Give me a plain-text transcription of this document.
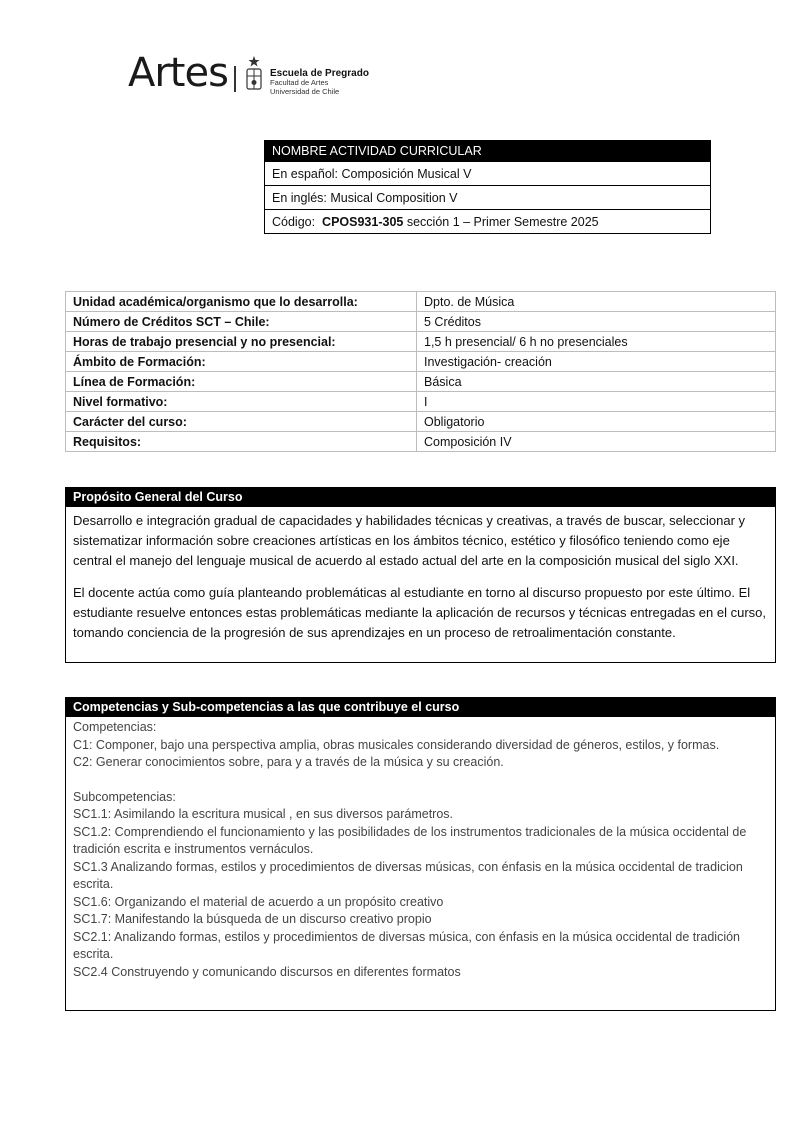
Artes	Escuela de Pregrado
Facultad de Artes
Universidad de Chile
NOMBRE ACTIVIDAD CURRICULAR
En español: Composición Musical V
En inglés: Musical Composition V
Código: CPOS931-305 sección 1 – Primer Semestre 2025
Unidad académica/organismo que lo desarrolla:	Dpto. de Música
Número de Créditos SCT – Chile:	5 Créditos
Horas de trabajo presencial y no presencial:	1,5 h presencial/ 6 h no presenciales
Ámbito de Formación:	Investigación- creación
Línea de Formación:	Básica
Nivel formativo:	I
Carácter del curso:	Obligatorio
Requisitos:	Composición IV
Propósito General del Curso

Desarrollo e integración gradual de capacidades y habilidades técnicas y creativas, a través de buscar, seleccionar y sistematizar información sobre creaciones artísticas en los ámbitos técnico, estético y filosófico teniendo como eje central el manejo del lenguaje musical de acuerdo al estado actual del arte en la composición musical del siglo XXI.

El docente actúa como guía planteando problemáticas al estudiante en torno al discurso propuesto por este último. El estudiante resuelve entonces estas problemáticas mediante la aplicación de recursos y técnicas entregadas en el curso, tomando conciencia de la progresión de sus aprendizajes en un proceso de retroalimentación constante.

Competencias y Sub-competencias a las que contribuye el curso
Competencias:
C1: Componer, bajo una perspectiva amplia, obras musicales considerando diversidad de géneros, estilos, y formas.
C2: Generar conocimientos sobre, para y a través de la música y su creación.
Subcompetencias:
SC1.1: Asimilando la escritura musical , en sus diversos parámetros.
SC1.2: Comprendiendo el funcionamiento y las posibilidades de los instrumentos tradicionales de la música occidental de tradición escrita e instrumentos vernáculos.
SC1.3 Analizando formas, estilos y procedimientos de diversas músicas, con énfasis en la música occidental de tradicion escrita.
SC1.6: Organizando el material de acuerdo a un propósito creativo
SC1.7: Manifestando la búsqueda de un discurso creativo propio
SC2.1: Analizando formas, estilos y procedimientos de diversas música, con énfasis en la música occidental de tradición escrita.
SC2.4 Construyendo y comunicando discursos en diferentes formatos
